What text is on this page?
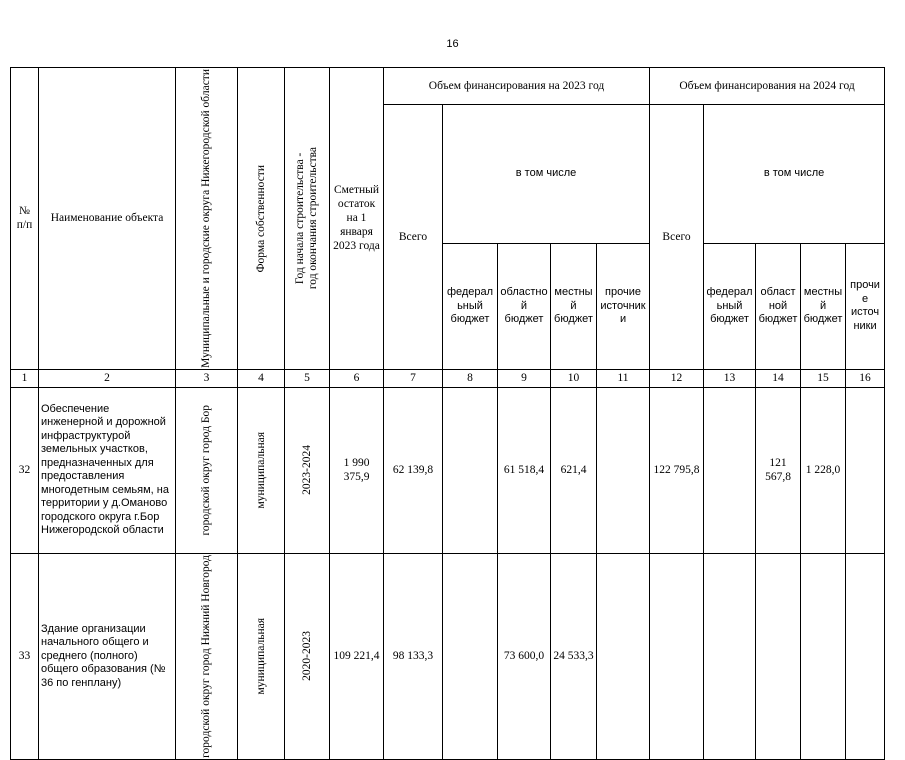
16
№ п/п	Наименование объекта	Муниципальные и городские округа Нижегородской области	Форма собственности	Год начала строительства -
год окончания строительства	Сметный остаток на 1 января 2023 года	Объем финансирования на 2023 год					Объем финансирования на 2024 год				
						Всего	в том числе				Всего	в том числе			
							федеральный бюджет	областной бюджет	местный бюджет	прочие источники		федеральный бюджет	областной бюджет	местный бюджет	прочие источники
1	2	3	4	5	6	7	8	9	10	11	12	13	14	15	16
32	Обеспечение инженерной и дорожной инфраструктурой земельных участков, предназначенных для предоставления многодетным семьям, на территории у д.Оманово городского округа г.Бор Нижегородской области	городской округ город Бор	муниципальная	2023-2024	1 990 375,9	62 139,8		61 518,4	621,4		122 795,8		121 567,8	1 228,0	
33	Здание организации начального общего и среднего (полного) общего образования (№ 36 по генплану)	городской округ город Нижний Новгород	муниципальная	2020-2023	109 221,4	98 133,3		73 600,0	24 533,3						
